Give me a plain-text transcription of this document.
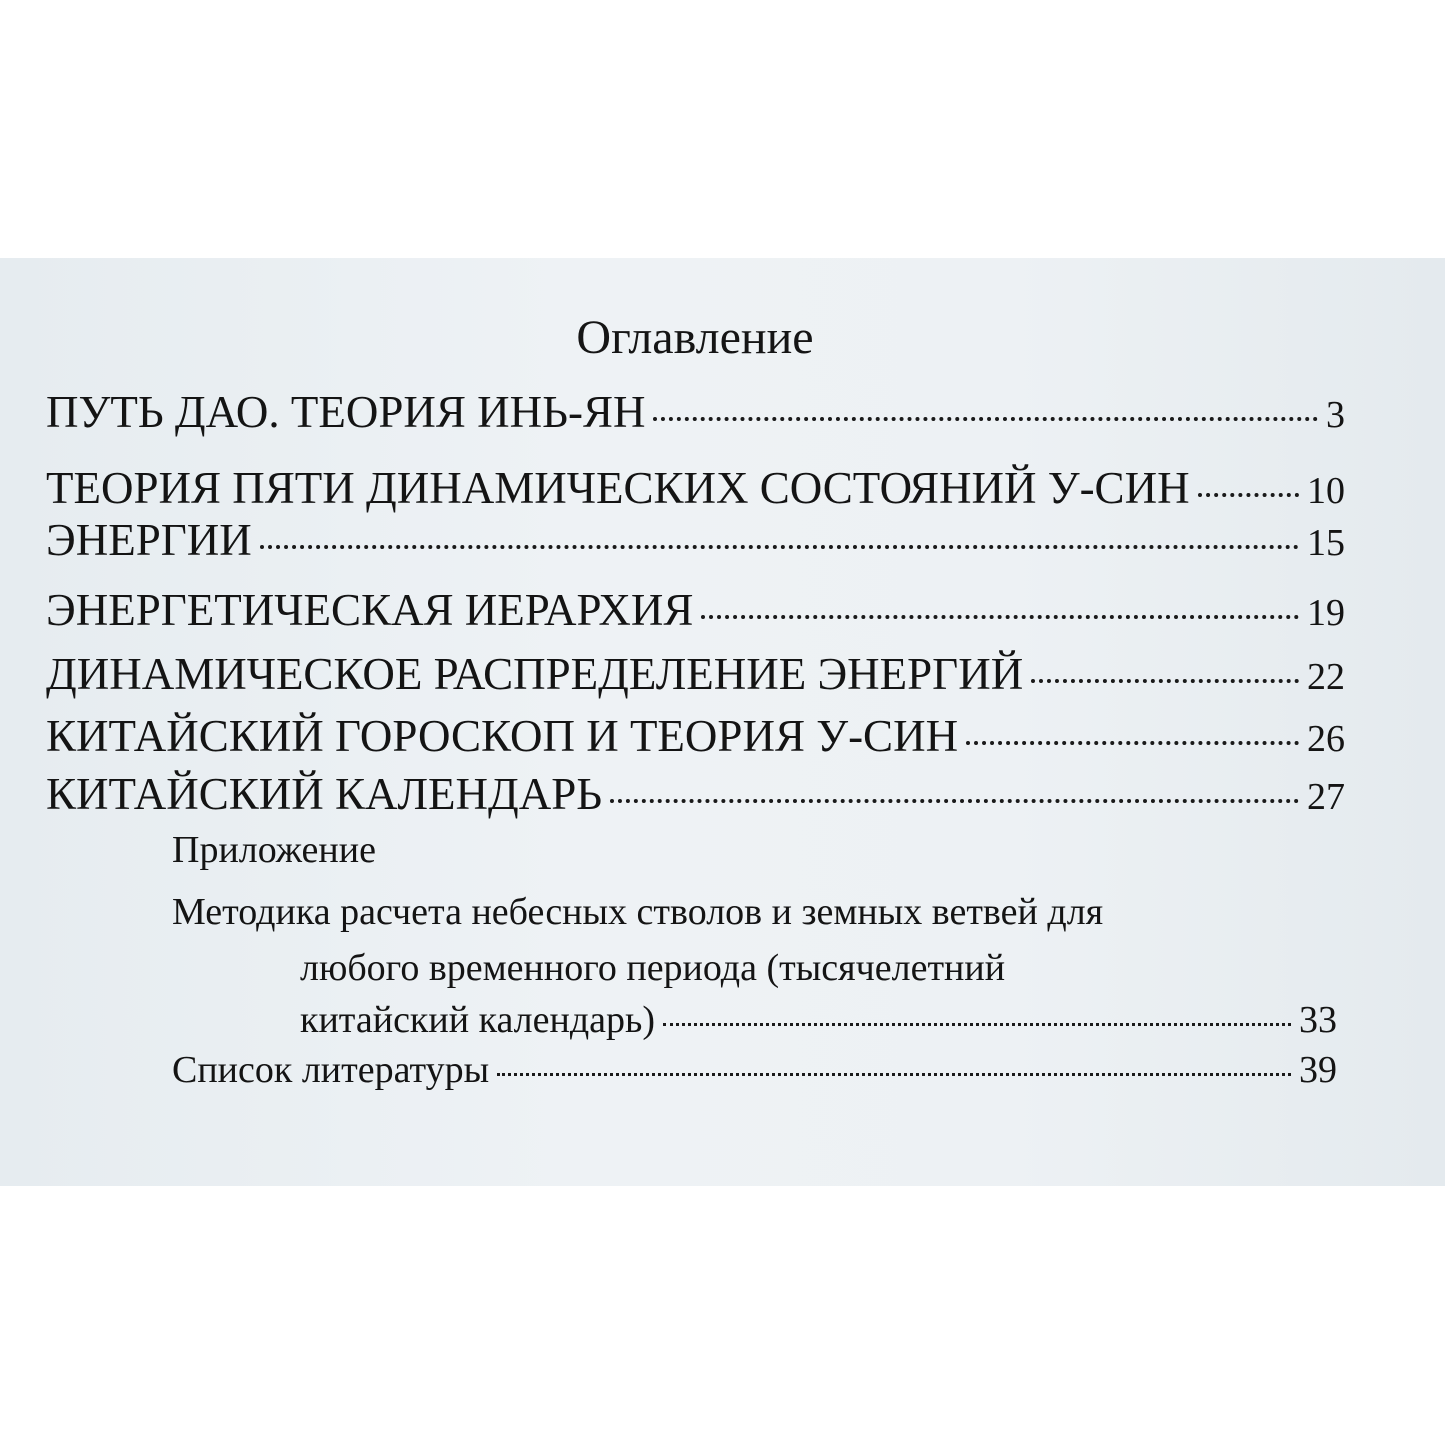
Оглавление
ПУТЬ ДАО. ТЕОРИЯ ИНЬ-ЯН	3
ТЕОРИЯ ПЯТИ ДИНАМИЧЕСКИХ СОСТОЯНИЙ У-СИН	10
ЭНЕРГИИ	15
ЭНЕРГЕТИЧЕСКАЯ ИЕРАРХИЯ	19
ДИНАМИЧЕСКОЕ РАСПРЕДЕЛЕНИЕ ЭНЕРГИЙ	22
КИТАЙСКИЙ ГОРОСКОП И ТЕОРИЯ У-СИН	26
КИТАЙСКИЙ КАЛЕНДАРЬ	27
Приложение
Методика расчета небесных стволов и земных ветвей для
любого временного периода (тысячелетний
китайский календарь)	33
Список литературы	39
